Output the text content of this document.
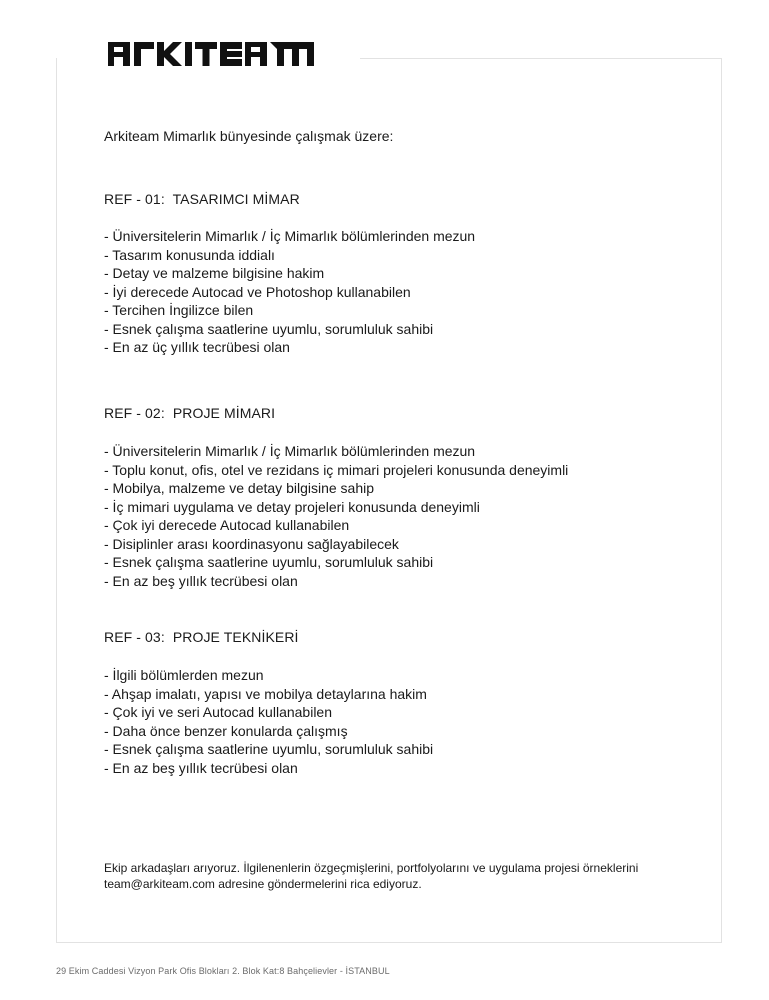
Arkiteam Mimarlık bünyesinde çalışmak üzere:

REF - 01: TASARIMCI MİMAR
- Üniversitelerin Mimarlık / İç Mimarlık bölümlerinden mezun
- Tasarım konusunda iddialı
- Detay ve malzeme bilgisine hakim
- İyi derecede Autocad ve Photoshop kullanabilen
- Tercihen İngilizce bilen
- Esnek çalışma saatlerine uyumlu, sorumluluk sahibi
- En az üç yıllık tecrübesi olan
REF - 02: PROJE MİMARI
- Üniversitelerin Mimarlık / İç Mimarlık bölümlerinden mezun
- Toplu konut, ofis, otel ve rezidans iç mimari projeleri konusunda deneyimli
- Mobilya, malzeme ve detay bilgisine sahip
- İç mimari uygulama ve detay projeleri konusunda deneyimli
- Çok iyi derecede Autocad kullanabilen
- Disiplinler arası koordinasyonu sağlayabilecek
- Esnek çalışma saatlerine uyumlu, sorumluluk sahibi
- En az beş yıllık tecrübesi olan
REF - 03: PROJE TEKNİKERİ
- İlgili bölümlerden mezun
- Ahşap imalatı, yapısı ve mobilya detaylarına hakim
- Çok iyi ve seri Autocad kullanabilen
- Daha önce benzer konularda çalışmış
- Esnek çalışma saatlerine uyumlu, sorumluluk sahibi
- En az beş yıllık tecrübesi olan

Ekip arkadaşları arıyoruz. İlgilenenlerin özgeçmişlerini, portfolyolarını ve uygulama projesi örneklerini
team@arkiteam.com adresine göndermelerini rica ediyoruz.

29 Ekim Caddesi Vizyon Park Ofis Blokları 2. Blok Kat:8 Bahçelievler - İSTANBUL
